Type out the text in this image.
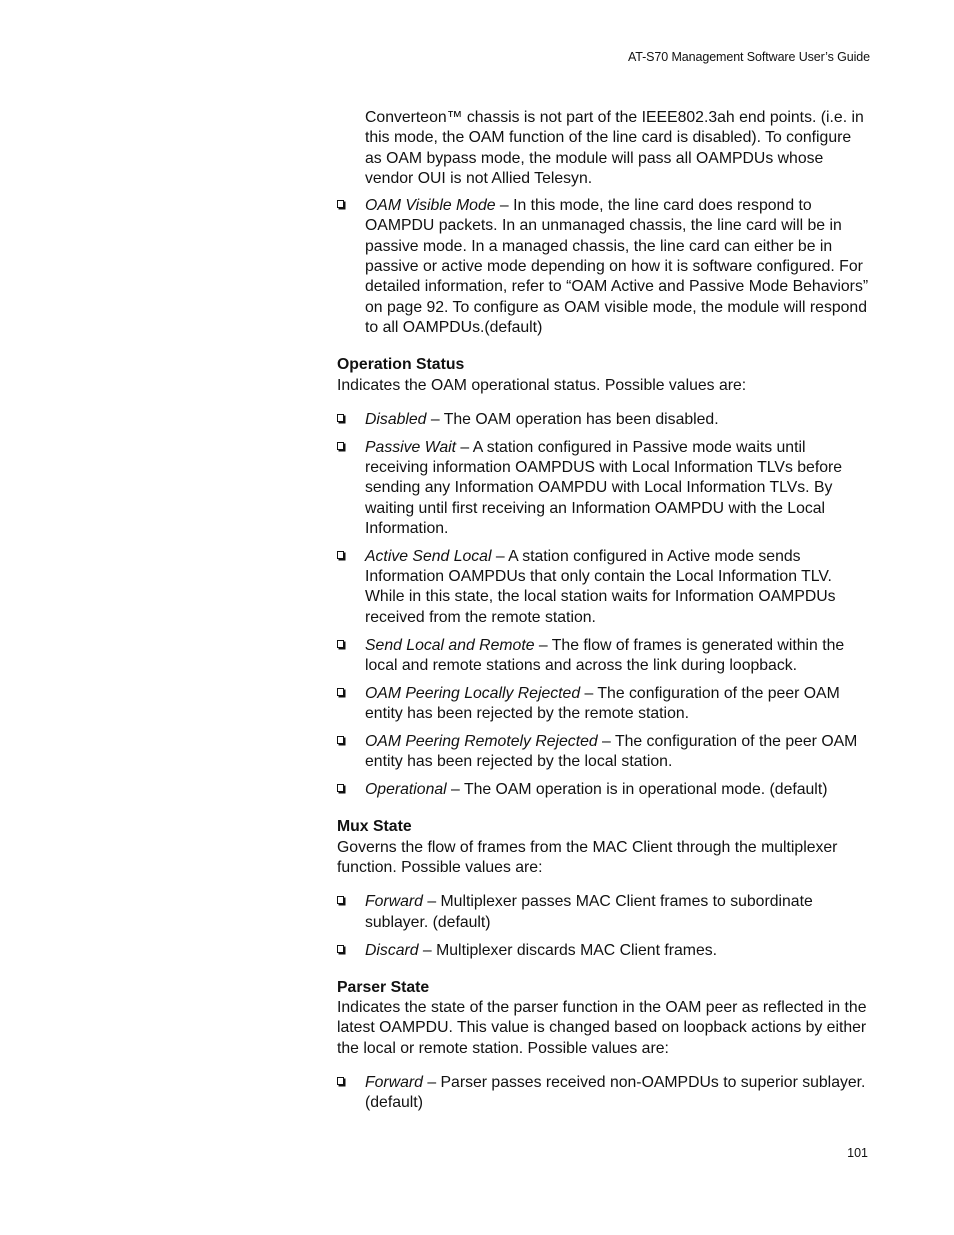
AT-S70 Management Software User’s Guide

Converteon™ chassis is not part of the IEEE802.3ah end points. (i.e. in this mode, the OAM function of the line card is disabled). To configure as OAM bypass mode, the module will pass all OAMPDUs whose vendor OUI is not Allied Telesyn.

OAM Visible Mode – In this mode, the line card does respond to OAMPDU packets. In an unmanaged chassis, the line card will be in passive mode. In a managed chassis, the line card can either be in passive or active mode depending on how it is software configured. For detailed information, refer to “OAM Active and Passive Mode Behaviors” on page 92. To configure as OAM visible mode, the module will respond to all OAMPDUs.(default)
Operation Status

Indicates the OAM operational status. Possible values are:

Disabled – The OAM operation has been disabled.
Passive Wait – A station configured in Passive mode waits until receiving information OAMPDUS with Local Information TLVs before sending any Information OAMPDU with Local Information TLVs. By waiting until first receiving an Information OAMPDU with the Local Information.
Active Send Local – A station configured in Active mode sends Information OAMPDUs that only contain the Local Information TLV. While in this state, the local station waits for Information OAMPDUs received from the remote station.
Send Local and Remote – The flow of frames is generated within the local and remote stations and across the link during loopback.
OAM Peering Locally Rejected – The configuration of the peer OAM entity has been rejected by the remote station.
OAM Peering Remotely Rejected – The configuration of the peer OAM entity has been rejected by the local station.
Operational – The OAM operation is in operational mode. (default)
Mux State

Governs the flow of frames from the MAC Client through the multiplexer function. Possible values are:

Forward – Multiplexer passes MAC Client frames to subordinate sublayer. (default)
Discard – Multiplexer discards MAC Client frames.
Parser State

Indicates the state of the parser function in the OAM peer as reflected in the latest OAMPDU. This value is changed based on loopback actions by either the local or remote station. Possible values are:

Forward – Parser passes received non-OAMPDUs to superior sublayer. (default)
101
